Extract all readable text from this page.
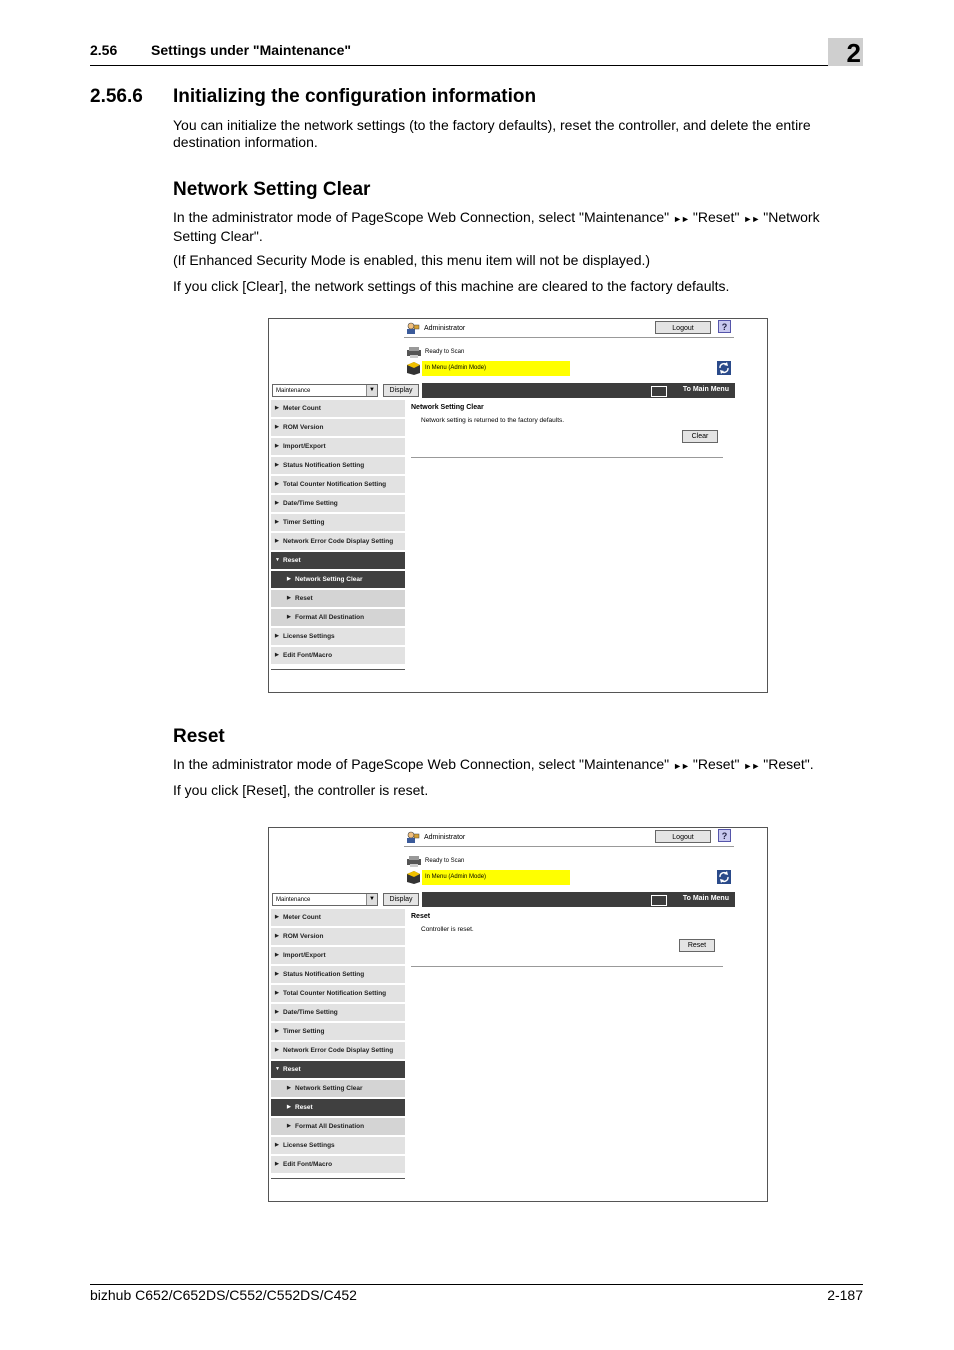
2.56 Settings under "Maintenance"	2
2.56.6 Initializing the configuration information
You can initialize the network settings (to the factory defaults), reset the controller, and delete the entire destination information.
Network Setting Clear
In the administrator mode of PageScope Web Connection, select "Maintenance" ►► "Reset" ►► "Network Setting Clear".
(If Enhanced Security Mode is enabled, this menu item will not be displayed.)
If you click [Clear], the network settings of this machine are cleared to the factory defaults.
Administrator	Logout	?
Ready to Scan
In Menu (Admin Mode)
Maintenance	▼	Display	To Main Menu
▶ Meter Count
▶ ROM Version
▶ Import/Export
▶ Status Notification Setting
▶ Total Counter Notification Setting
▶ Date/Time Setting
▶ Timer Setting
▶ Network Error Code Display Setting
▼ Reset
▶ Network Setting Clear
▶ Reset
▶ Format All Destination
▶ License Settings
▶ Edit Font/Macro
Network Setting Clear
Network setting is returned to the factory defaults.
Clear
Reset
In the administrator mode of PageScope Web Connection, select "Maintenance" ►► "Reset" ►► "Reset".
If you click [Reset], the controller is reset.
Administrator	Logout	?
Ready to Scan
In Menu (Admin Mode)
Maintenance	▼	Display	To Main Menu
▶ Meter Count
▶ ROM Version
▶ Import/Export
▶ Status Notification Setting
▶ Total Counter Notification Setting
▶ Date/Time Setting
▶ Timer Setting
▶ Network Error Code Display Setting
▼ Reset
▶ Network Setting Clear
▶ Reset
▶ Format All Destination
▶ License Settings
▶ Edit Font/Macro
Reset
Controller is reset.
Reset
bizhub C652/C652DS/C552/C552DS/C452	2-187
